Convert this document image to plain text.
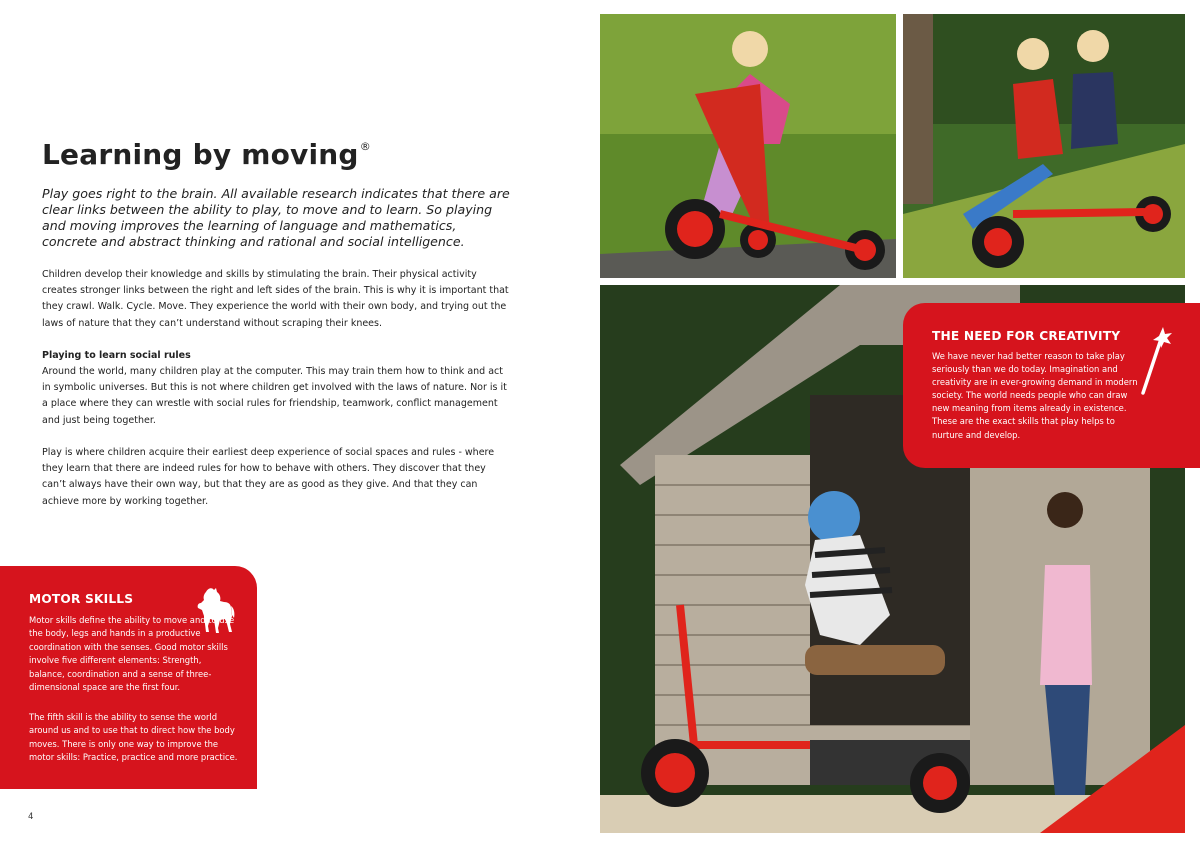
Learning by moving®

Play goes right to the brain. All available research indicates that there are clear links between the ability to play, to move and to learn. So playing and moving improves the learning of language and mathematics, concrete and abstract thinking and rational and social intelligence.

Children develop their knowledge and skills by stimulating the brain. Their physical activity creates stronger links between the right and left sides of the brain. This is why it is important that they crawl. Walk. Cycle. Move. They experience the world with their own body, and trying out the laws of nature that they can’t understand without scraping their knees.

Playing to learn social rules

Around the world, many children play at the computer. This may train them how to think and act in symbolic universes. But this is not where children get involved with the laws of nature. Nor is it a place where they can wrestle with social rules for friendship, teamwork, conflict management and just being together.

Play is where children acquire their earliest deep experience of social spaces and rules - where they learn that there are indeed rules for how to behave with others. They discover that they can’t always have their own way, but that they are as good as they give. And that they can achieve more by working together.

MOTOR SKILLS

Motor skills define the ability to move and to use the body, legs and hands in a productive coordination with the senses. Good motor skills involve five different elements: Strength, balance, coordination and a sense of three-dimensional space are the first four.

The fifth skill is the ability to sense the world around us and to use that to direct how the body moves. There is only one way to improve the motor skills: Practice, practice and more practice.

4

THE NEED FOR CREATIVITY

We have never had better reason to take play seriously than we do today. Imagination and creativity are in ever-growing demand in modern society. The world needs people who can draw new meaning from items already in existence. These are the exact skills that play helps to nurture and develop.
